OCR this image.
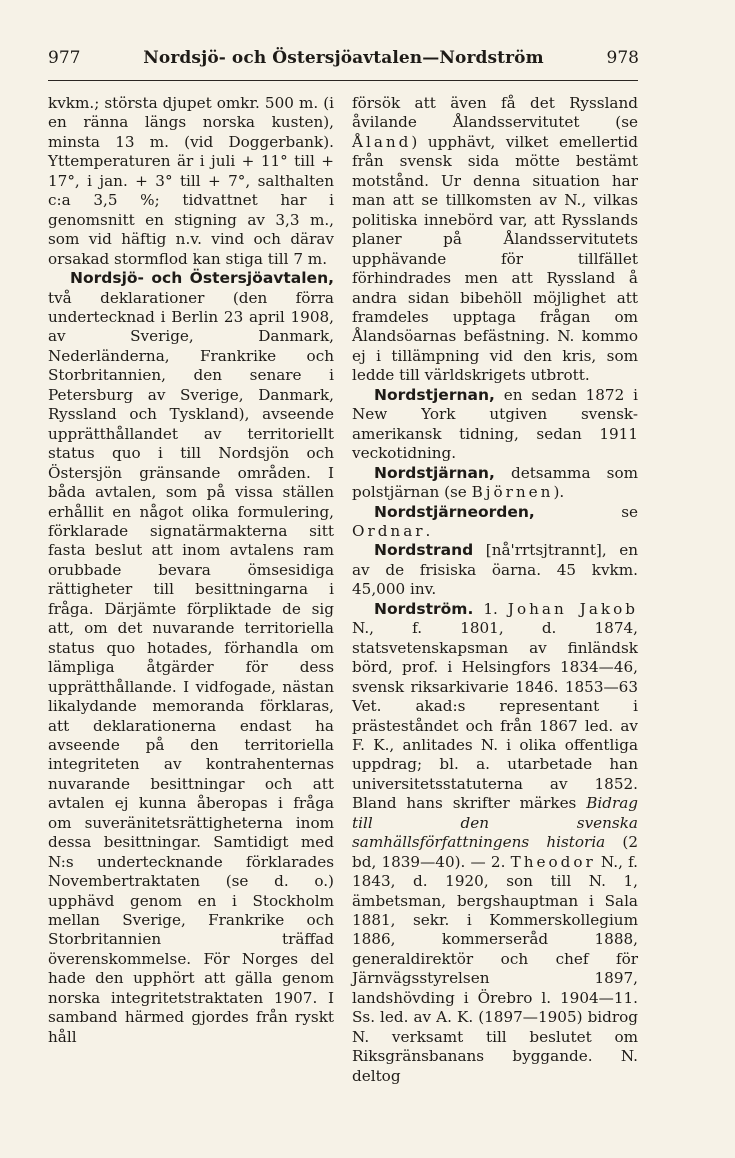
977	Nordsjö- och Östersjöavtalen—Nordström	978

kvkm.; största djupet omkr. 500 m. (i en ränna längs norska kusten), minsta 13 m. (vid Doggerbank). Yttemperaturen är i juli + 11° till + 17°, i jan. + 3° till + 7°, salthalten c:a 3,5 %; tidvattnet har i genomsnitt en stigning av 3,3 m., som vid häftig n.v. vind och därav orsakad stormflod kan stiga till 7 m.

Nordsjö- och Östersjöavtalen, två deklarationer (den förra undertecknad i Berlin 23 april 1908, av Sverige, Danmark, Nederländerna, Frankrike och Storbritannien, den senare i Petersburg av Sverige, Danmark, Ryssland och Tyskland), avseende upprätthållandet av territoriellt status quo i till Nordsjön och Östersjön gränsande områden. I båda avtalen, som på vissa ställen erhållit en något olika formulering, förklarade signatärmakterna sitt fasta beslut att inom avtalens ram orubbade bevara ömsesidiga rättigheter till besittningarna i fråga. Därjämte förpliktade de sig att, om det nuvarande territoriella status quo hotades, förhandla om lämpliga åtgärder för dess upprätthållande. I vidfogade, nästan likalydande memoranda förklaras, att deklarationerna endast ha avseende på den territoriella integriteten av kontrahenternas nuvarande besittningar och att avtalen ej kunna åberopas i fråga om suveränitetsrättigheterna inom dessa besittningar. Samtidigt med N:s undertecknande förklarades Novembertraktaten (se d. o.) upphävd genom en i Stockholm mellan Sverige, Frankrike och Storbritannien träffad överenskommelse. För Norges del hade den upphört att gälla genom norska integritetstraktaten 1907. I samband härmed gjordes från ryskt håll

försök att även få det Ryssland åvilande Ålandsservitutet (se Åland) upphävt, vilket emellertid från svensk sida mötte bestämt motstånd. Ur denna situation har man att se tillkomsten av N., vilkas politiska innebörd var, att Rysslands planer på Ålandsservitutets upphävande för tillfället förhindrades men att Ryssland å andra sidan bibehöll möjlighet att framdeles upptaga frågan om Ålandsöarnas befästning. N. kommo ej i tillämpning vid den kris, som ledde till världskrigets utbrott.

Nordstjernan, en sedan 1872 i New York utgiven svensk-amerikansk tidning, sedan 1911 veckotidning.

Nordstjärnan, detsamma som polstjärnan (se Björnen).

Nordstjärneorden, se Ordnar.

Nordstrand [nå'rrtsjtrannt], en av de frisiska öarna. 45 kvkm. 45,000 inv.

Nordström. 1. Johan Jakob N., f. 1801, d. 1874, statsvetenskapsman av finländsk börd, prof. i Helsingfors 1834—46, svensk riksarkivarie 1846. 1853—63 Vet. akad:s representant i prästeståndet och från 1867 led. av F. K., anlitades N. i olika offentliga uppdrag; bl. a. utarbetade han universitetsstatuterna av 1852. Bland hans skrifter märkes Bidrag till den svenska samhällsförfattningens historia (2 bd, 1839—40). — 2. Theodor N., f. 1843, d. 1920, son till N. 1, ämbetsman, bergshauptman i Sala 1881, sekr. i Kommerskollegium 1886, kommerseråd 1888, generaldirektör och chef för Järnvägsstyrelsen 1897, landshövding i Örebro l. 1904—11. Ss. led. av A. K. (1897—1905) bidrog N. verksamt till beslutet om Riksgränsbanans byggande. N. deltog
